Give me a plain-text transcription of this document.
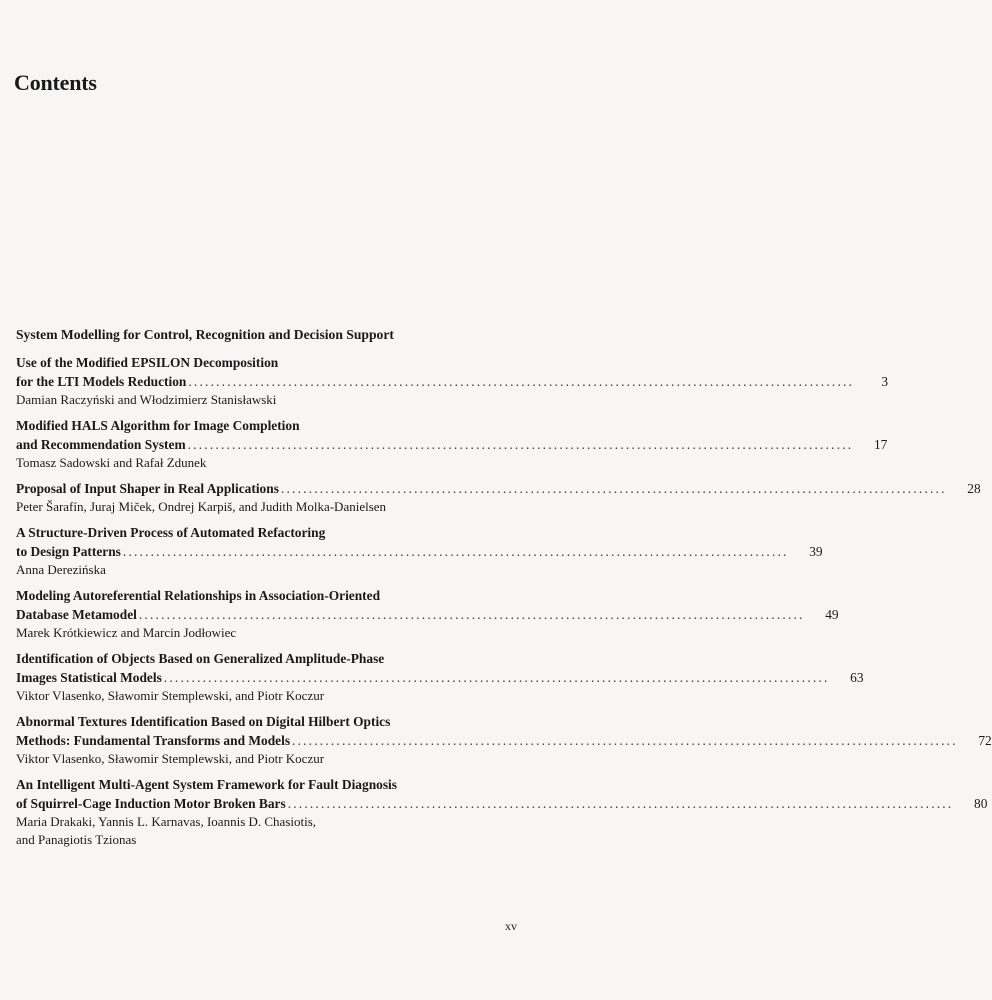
Contents
System Modelling for Control, Recognition and Decision Support
Use of the Modified EPSILON Decomposition
for the LTI Models Reduction ........................................................................................................................	3
Damian Raczyński and Włodzimierz Stanisławski
Modified HALS Algorithm for Image Completion
and Recommendation System ........................................................................................................................ 17
Tomasz Sadowski and Rafał Zdunek
Proposal of Input Shaper in Real Applications ........................................................................................................................ 28
Peter Šarafín, Juraj Miček, Ondrej Karpiš, and Judith Molka-Danielsen
A Structure-Driven Process of Automated Refactoring
to Design Patterns ........................................................................................................................ 39
Anna Derezińska
Modeling Autoreferential Relationships in Association-Oriented
Database Metamodel ........................................................................................................................ 49
Marek Krótkiewicz and Marcin Jodłowiec
Identification of Objects Based on Generalized Amplitude-Phase
Images Statistical Models ........................................................................................................................ 63
Viktor Vlasenko, Sławomir Stemplewski, and Piotr Koczur
Abnormal Textures Identification Based on Digital Hilbert Optics
Methods: Fundamental Transforms and Models ........................................................................................................................ 72
Viktor Vlasenko, Sławomir Stemplewski, and Piotr Koczur
An Intelligent Multi-Agent System Framework for Fault Diagnosis
of Squirrel-Cage Induction Motor Broken Bars ........................................................................................................................ 80
Maria Drakaki, Yannis L. Karnavas, Ioannis D. Chasiotis,
and Panagiotis Tzionas
xv
